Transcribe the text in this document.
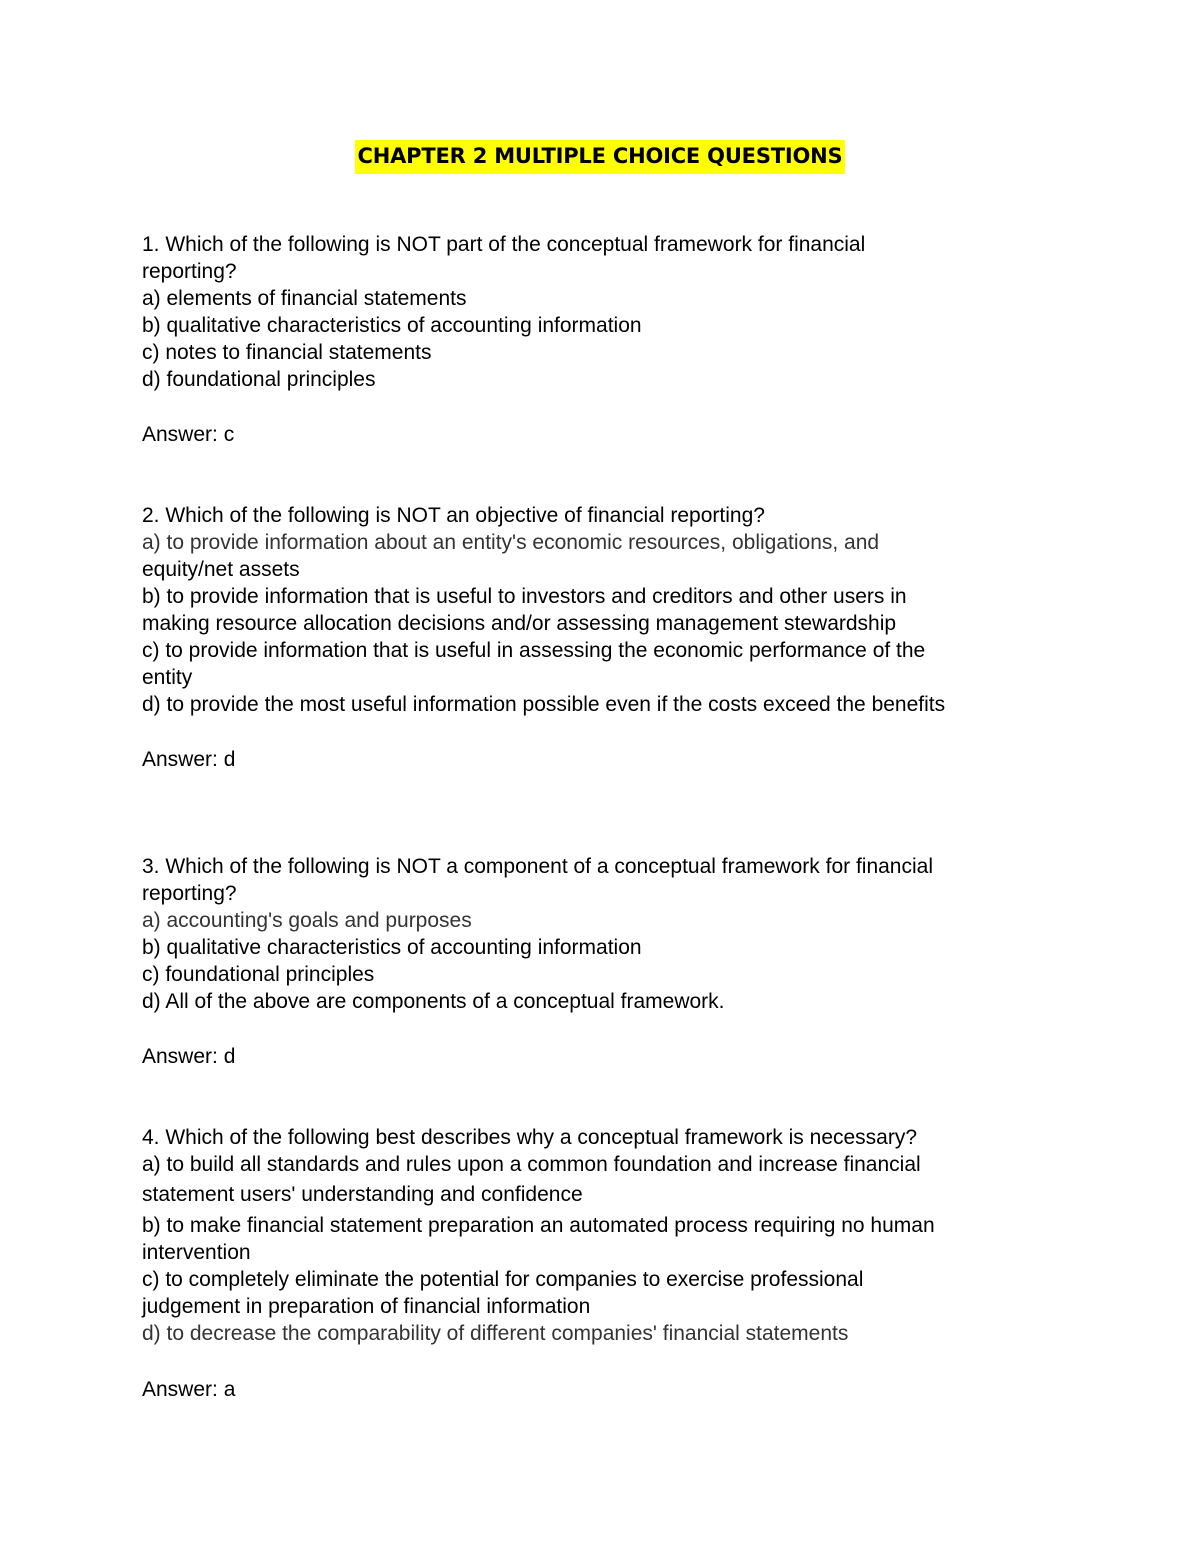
CHAPTER 2 MULTIPLE CHOICE QUESTIONS
1. Which of the following is NOT part of the conceptual framework for financial
reporting?
a) elements of financial statements
b) qualitative characteristics of accounting information
c) notes to financial statements
d) foundational principles
Answer: c
2. Which of the following is NOT an objective of financial reporting?
a) to provide information about an entity's economic resources, obligations, and
equity/net assets
b) to provide information that is useful to investors and creditors and other users in
making resource allocation decisions and/or assessing management stewardship
c) to provide information that is useful in assessing the economic performance of the
entity
d) to provide the most useful information possible even if the costs exceed the benefits
Answer: d
3. Which of the following is NOT a component of a conceptual framework for financial
reporting?
a) accounting's goals and purposes
b) qualitative characteristics of accounting information
c) foundational principles
d) All of the above are components of a conceptual framework.
Answer: d
4. Which of the following best describes why a conceptual framework is necessary?
a) to build all standards and rules upon a common foundation and increase financial
statement users' understanding and confidence
b) to make financial statement preparation an automated process requiring no human
intervention
c) to completely eliminate the potential for companies to exercise professional
judgement in preparation of financial information
d) to decrease the comparability of different companies' financial statements
Answer: a
